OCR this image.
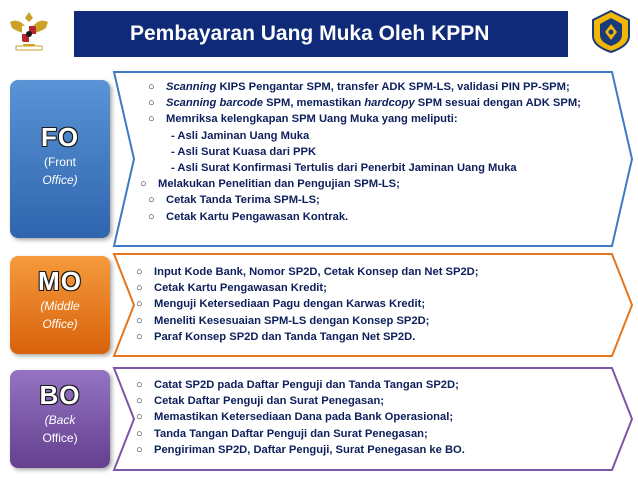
Pembayaran Uang Muka Oleh KPPN
FO
(Front
Office)
○ Scanning KIPS Pengantar SPM, transfer ADK SPM-LS, validasi PIN PP-SPM;
○ Scanning barcode SPM, memastikan hardcopy SPM sesuai dengan ADK SPM;
○ Memriksa kelengkapan SPM Uang Muka yang meliputi:
- Asli Jaminan Uang Muka
- Asli Surat Kuasa dari PPK
- Asli Surat Konfirmasi Tertulis dari Penerbit Jaminan Uang Muka
○ Melakukan Penelitian dan Pengujian SPM-LS;
○ Cetak Tanda Terima SPM-LS;
○ Cetak Kartu Pengawasan Kontrak.
MO
(Middle
Office)
○ Input Kode Bank, Nomor SP2D, Cetak Konsep dan Net SP2D;
○ Cetak Kartu Pengawasan Kredit;
○ Menguji Ketersediaan Pagu dengan Karwas Kredit;
○ Meneliti Kesesuaian SPM-LS dengan Konsep SP2D;
○ Paraf Konsep SP2D dan Tanda Tangan Net SP2D.
BO
(Back
Office)
○ Catat SP2D pada Daftar Penguji dan Tanda Tangan SP2D;
○ Cetak Daftar Penguji dan Surat Penegasan;
○ Memastikan Ketersediaan Dana pada Bank Operasional;
○ Tanda Tangan Daftar Penguji dan Surat Penegasan;
○ Pengiriman SP2D, Daftar Penguji, Surat Penegasan ke BO.
